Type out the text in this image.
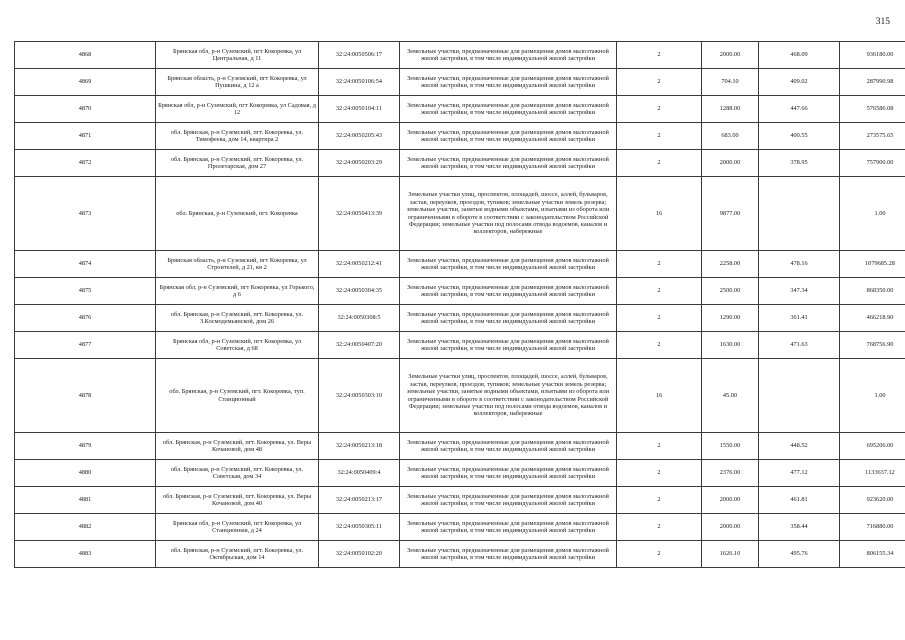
315
4868	Брянская обл, р-н Суземский, пгт Кокоревка, ул Центральная, д 11	32:24:0050506:17	Земельные участки, предназначенные для размещения домов малоэтажной жилой застройки, в том числе индивидуальной жилой застройки	2	2000.00	468.09	936180.00
4869	Брянская область, р-н Суземский, пгт Кокоревка, ул Пушкина, д 12 а	32:24:0050106:54	Земельные участки, предназначенные для размещения домов малоэтажной жилой застройки, в том числе индивидуальной жилой застройки	2	704.10	409.02	287990.98
4870	Брянская обл, р-н Суземский, пгт Кокоревка, ул Садовая, д 12	32:24:0050104:11	Земельные участки, предназначенные для размещения домов малоэтажной жилой застройки, в том числе индивидуальной жилой застройки	2	1288.00	447.66	576586.08
4871	обл. Брянская, р-н Суземский, пгт. Кокоревка, ул. Тимофеева, дом 14, квартира 2	32:24:0050205:43	Земельные участки, предназначенные для размещения домов малоэтажной жилой застройки, в том числе индивидуальной жилой застройки	2	683.00	400.55	273575.65
4872	обл. Брянская, р-н Суземский, пгт. Кокоревка, ул. Пролетарская, дом 27	32:24:0050203:29	Земельные участки, предназначенные для размещения домов малоэтажной жилой застройки, в том числе индивидуальной жилой застройки	2	2000.00	378.95	757900.00
4873	обл. Брянская, р-н Суземский, пгт. Кокоревка	32:24:0050413:39	Земельные участки улиц, проспектов, площадей, шоссе, аллей, бульваров, застав, переулков, проездов, тупиков; земельные участки земель резерва; земельные участки, занятые водными объектами, изъятыми из оборота или ограниченными в обороте в соответствии с законодательством Российской Федерации; земельные участки под полосами отвода водоемов, каналов и коллекторов, набережные	16	9877.00		1.00
4874	Брянская область, р-н Суземский, пгт Кокоревка, ул Строителей, д 21, кв 2	32:24:0050212:41	Земельные участки, предназначенные для размещения домов малоэтажной жилой застройки, в том числе индивидуальной жилой застройки	2	2258.00	478.16	1079685.28
4875	Брянская обл, р-н Суземский, пгт Кокоревка, ул Горького, д 6	32:24:0050304:35	Земельные участки, предназначенные для размещения домов малоэтажной жилой застройки, в том числе индивидуальной жилой застройки	2	2500.00	347.34	868350.00
4876	обл. Брянская, р-н Суземский, пгт. Кокоревка, ул. З.Космодемьянской, дом 26	32:24:0050308:5	Земельные участки, предназначенные для размещения домов малоэтажной жилой застройки, в том числе индивидуальной жилой застройки	2	1290.00	361.41	466218.90
4877	Брянская обл, р-н Суземский, пгт Кокоревка, ул Советская, д 68	32:24:0050407:20	Земельные участки, предназначенные для размещения домов малоэтажной жилой застройки, в том числе индивидуальной жилой застройки	2	1630.00	471.63	768756.90
4878	обл. Брянская, р-н Суземский, пгт. Кокоревка, туп. Станционный	32:24:0050303:10	Земельные участки улиц, проспектов, площадей, шоссе, аллей, бульваров, застав, переулков, проездов, тупиков; земельные участки земель резерва; земельные участки, занятые водными объектами, изъятыми из оборота или ограниченными в обороте в соответствии с законодательством Российской Федерации; земельные участки под полосами отвода водоемов, каналов и коллекторов, набережные	16	45.00		1.00
4879	обл. Брянская, р-н Суземский, пгт. Кокоревка, ул. Веры Кочановой, дом 48	32:24:0050213:18	Земельные участки, предназначенные для размещения домов малоэтажной жилой застройки, в том числе индивидуальной жилой застройки	2	1550.00	448.52	695206.00
4880	обл. Брянская, р-н Суземский, пгт. Кокоревка, ул. Советская, дом 34	32:24:0050409:4	Земельные участки, предназначенные для размещения домов малоэтажной жилой застройки, в том числе индивидуальной жилой застройки	2	2376.00	477.12	1133637.12
4881	обл. Брянская, р-н Суземский, пгт. Кокоревка, ул. Веры Кочановой, дом 40	32:24:0050213:17	Земельные участки, предназначенные для размещения домов малоэтажной жилой застройки, в том числе индивидуальной жилой застройки	2	2000.00	461.81	923620.00
4882	Брянская обл, р-н Суземский, пгт Кокоревка, ул Станционная, д 24	32:24:0050305:11	Земельные участки, предназначенные для размещения домов малоэтажной жилой застройки, в том числе индивидуальной жилой застройки	2	2000.00	358.44	716880.00
4883	обл. Брянская, р-н Суземский, пгт. Кокоревка, ул. Октябрьская, дом 14	32:24:0050102:20	Земельные участки, предназначенные для размещения домов малоэтажной жилой застройки, в том числе индивидуальной жилой застройки	2	1626.10	495.76	806155.34
